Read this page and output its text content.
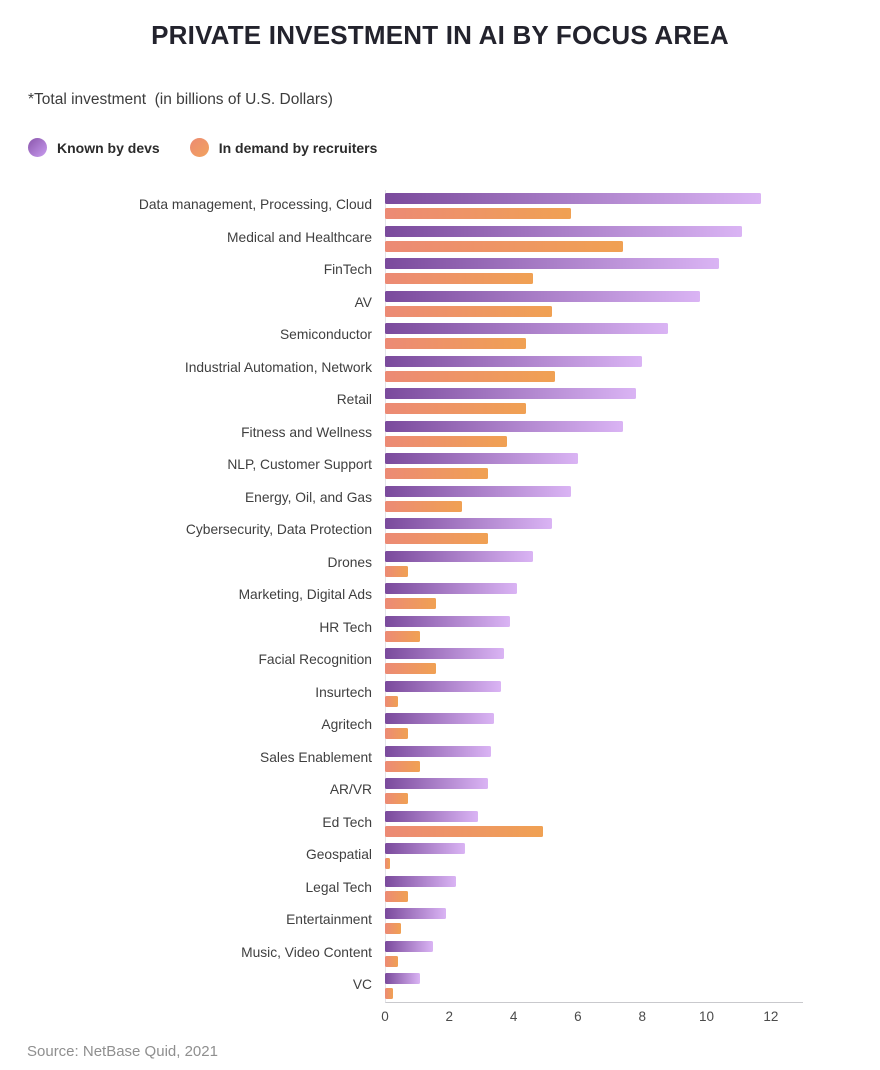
PRIVATE INVESTMENT IN AI BY FOCUS AREA
*Total investment  (in billions of U.S. Dollars)
Known by devs	In demand by recruiters
Data management, Processing, Cloud
Medical and Healthcare
FinTech
AV
Semiconductor
Industrial Automation, Network
Retail
Fitness and Wellness
NLP, Customer Support
Energy, Oil, and Gas
Cybersecurity, Data Protection
Drones
Marketing, Digital Ads
HR Tech
Facial Recognition
Insurtech
Agritech
Sales Enablement
AR/VR
Ed Tech
Geospatial
Legal Tech
Entertainment
Music, Video Content
VC
0	2	4	6	8	10	12
Source: NetBase Quid, 2021
